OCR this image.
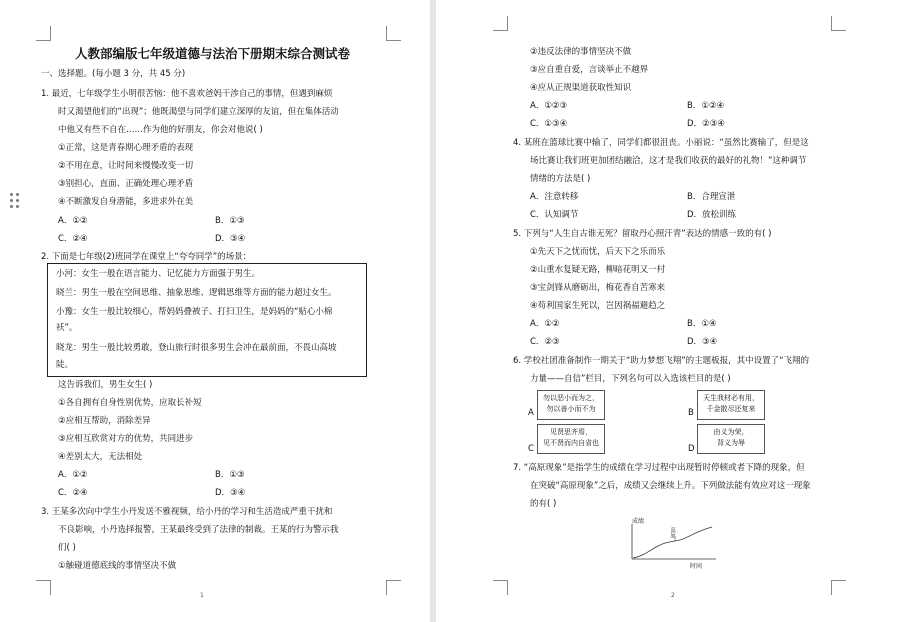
人教部编版七年级道德与法治下册期末综合测试卷
一、选择题。(每小题 3 分，共 45 分)
1. 最近，七年级学生小明很苦恼：他不喜欢爸妈干涉自己的事情，但遇到麻烦
时又渴望他们的“出现”；他既渴望与同学们建立深厚的友谊，但在集体活动
中他又有些不自在……作为他的好朋友，你会对他说( )
①正常，这是青春期心理矛盾的表现
②不用在意，让时间来慢慢改变一切
③别担心，直面、正确处理心理矛盾
④不断激发自身潜能，多进求外在美
A．①②	B．①③
C．②④	D．③④
2. 下面是七年级(2)班同学在课堂上“夸夸同学”的场景：
小河：女生一般在语言能力、记忆能力方面强于男生。
晓兰：男生一般在空间思维、抽象思维、逻辑思维等方面的能力超过女生。
小豫：女生一般比较细心，帮妈妈叠被子、打扫卫生，是妈妈的“贴心小棉
袄”。
晓龙：男生一般比较勇敢，登山旅行时很多男生会冲在最前面，不畏山高坡
陡。
这告诉我们，男生女生( )
①各自拥有自身性别优势，应取长补短
②应相互帮助，消除差异
③应相互欣赏对方的优势，共同进步
④差别太大，无法相处
A．①②	B．①③
C．②④	D．③④
3. 王某多次向中学生小丹发送不雅视频，给小丹的学习和生活造成严重干扰和
不良影响，小丹选择报警，王某最终受到了法律的制裁。王某的行为警示我
们( )
①触碰道德底线的事情坚决不做
1
②违反法律的事情坚决不做
③应自重自爱，言谈举止不越界
④应从正规渠道获取性知识
A．①②③	B．①②④
C．①③④	D．②③④
4. 某班在篮球比赛中输了，同学们都很沮丧。小丽说：“虽然比赛输了，但是这
场比赛让我们班更加团结融洽，这才是我们收获的最好的礼物！”这种调节
情绪的方法是( )
A．注意转移	B．合理宣泄
C．认知调节	D．放松训练
5. 下列与“人生自古谁无死？留取丹心照汗青”表达的情感一致的有( )
①先天下之忧而忧，后天下之乐而乐
②山重水复疑无路，柳暗花明又一村
③宝剑锋从磨砺出，梅花香自苦寒来
④苟利国家生死以，岂因祸福避趋之
A．①②	B．①④
C．②③	D．③④
6. 学校社团准备制作一期关于“助力梦想飞翔”的主题板报，其中设置了“飞翔的
力量——自信”栏目，下列名句可以入选该栏目的是( )
A
勿以恶小而为之，
勿以善小而不为	B
天生我材必有用，
千金散尽还复来
C
见贤思齐焉，
见不贤而内自省也
D
由义为荣，
背义为辱
7. “高原现象”是指学生的成绩在学习过程中出现暂时停顿或者下降的现象，但
在突破“高原现象”之后，成绩又会继续上升。下列做法能有效应对这一现象
的有( )
成绩
高原
时间
2
